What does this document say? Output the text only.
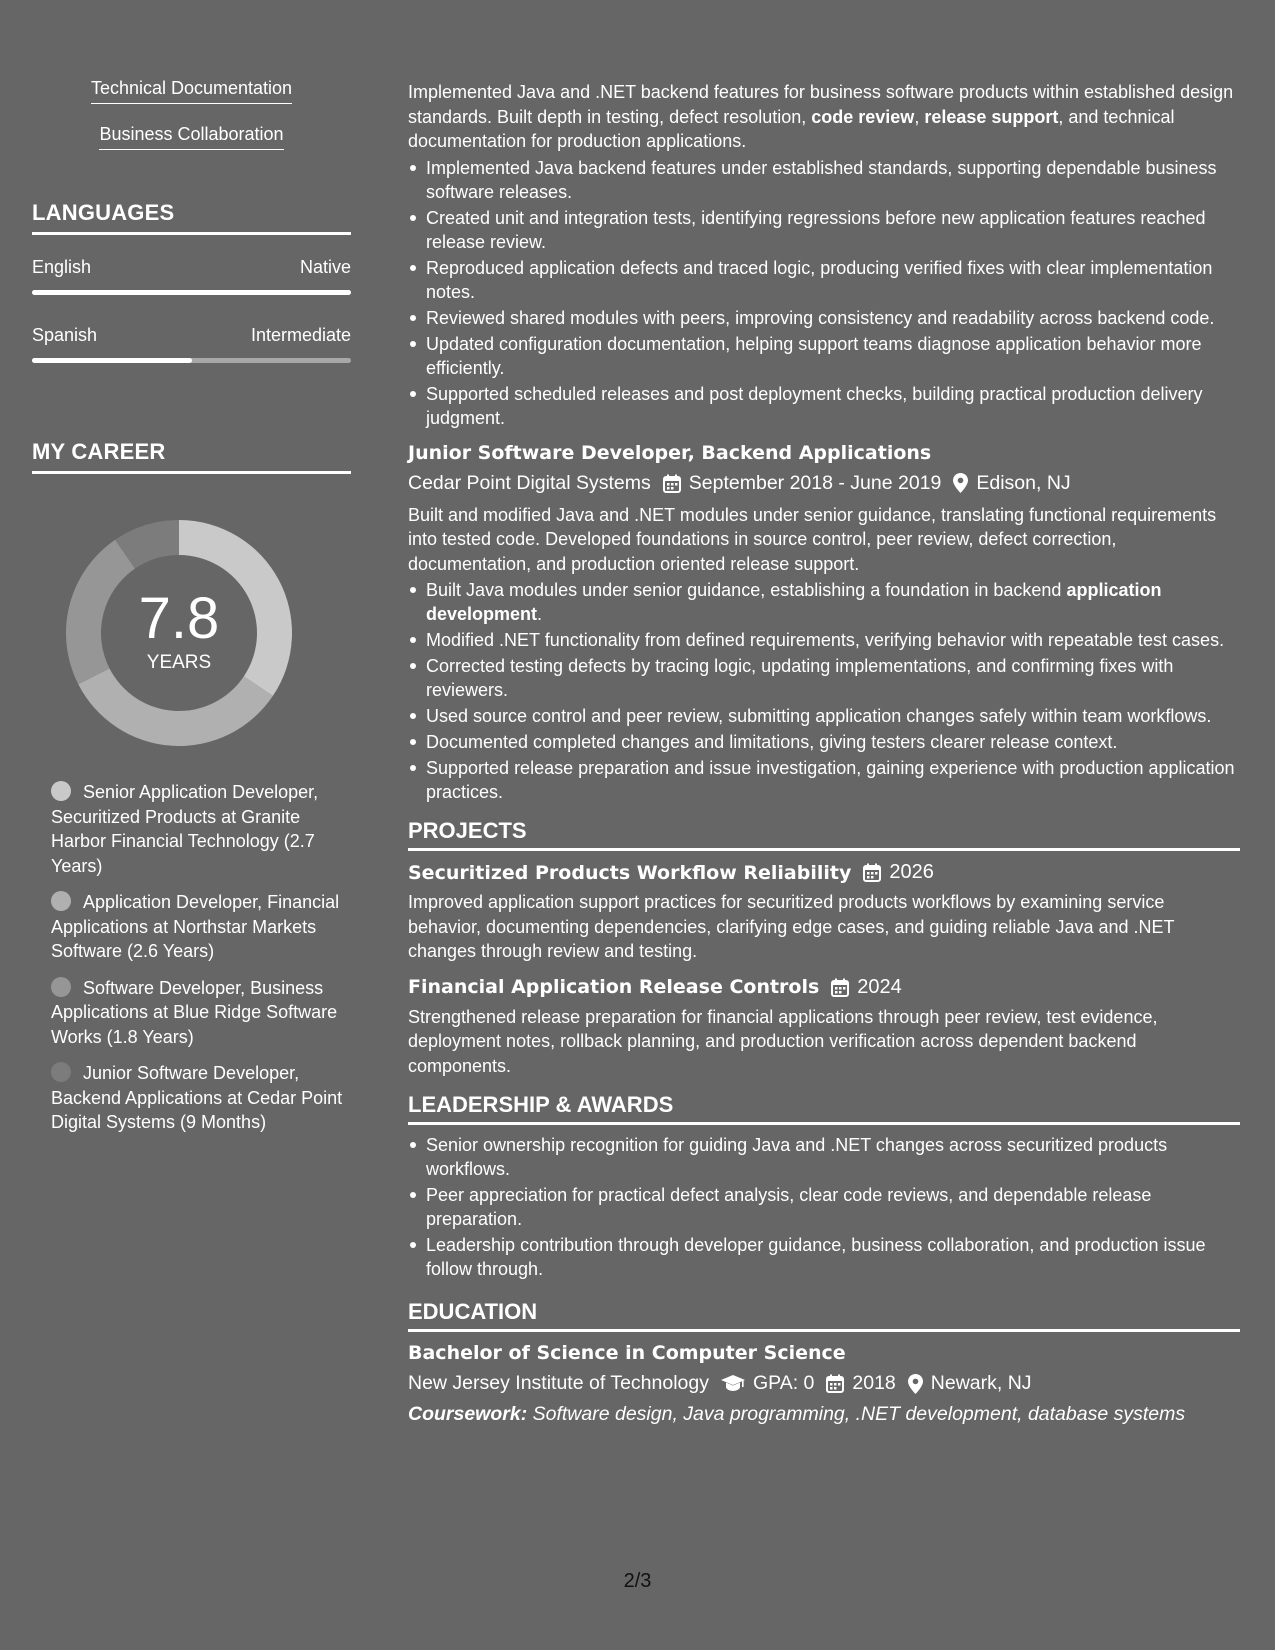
Technical Documentation
Business Collaboration
LANGUAGES
English	Native
Spanish	Intermediate
MY CAREER
7.8
YEARS
Senior Application Developer, Securitized Products at Granite Harbor Financial Technology (2.7 Years)
Application Developer, Financial Applications at Northstar Markets Software (2.6 Years)
Software Developer, Business Applications at Blue Ridge Software Works (1.8 Years)
Junior Software Developer, Backend Applications at Cedar Point Digital Systems (9 Months)

Implemented Java and .NET backend features for business software products within established design standards. Built depth in testing, defect resolution, code review, release support, and technical documentation for production applications.

Implemented Java backend features under established standards, supporting dependable business software releases.
Created unit and integration tests, identifying regressions before new application features reached release review.
Reproduced application defects and traced logic, producing verified fixes with clear implementation notes.
Reviewed shared modules with peers, improving consistency and readability across backend code.
Updated configuration documentation, helping support teams diagnose application behavior more efficiently.
Supported scheduled releases and post deployment checks, building practical production delivery judgment.
Junior Software Developer, Backend Applications
Cedar Point Digital Systems September 2018 - June 2019 Edison, NJ

Built and modified Java and .NET modules under senior guidance, translating functional requirements into tested code. Developed foundations in source control, peer review, defect correction, documentation, and production oriented release support.

Built Java modules under senior guidance, establishing a foundation in backend application development.
Modified .NET functionality from defined requirements, verifying behavior with repeatable test cases.
Corrected testing defects by tracing logic, updating implementations, and confirming fixes with reviewers.
Used source control and peer review, submitting application changes safely within team workflows.
Documented completed changes and limitations, giving testers clearer release context.
Supported release preparation and issue investigation, gaining experience with production application practices.
PROJECTS
Securitized Products Workflow Reliability 2026

Improved application support practices for securitized products workflows by examining service behavior, documenting dependencies, clarifying edge cases, and guiding reliable Java and .NET changes through review and testing.

Financial Application Release Controls 2024

Strengthened release preparation for financial applications through peer review, test evidence, deployment notes, rollback planning, and production verification across dependent backend components.

LEADERSHIP & AWARDS
Senior ownership recognition for guiding Java and .NET changes across securitized products workflows.
Peer appreciation for practical defect analysis, clear code reviews, and dependable release preparation.
Leadership contribution through developer guidance, business collaboration, and production issue follow through.
EDUCATION
Bachelor of Science in Computer Science
New Jersey Institute of Technology GPA: 0 2018 Newark, NJ
Coursework: Software design, Java programming, .NET development, database systems
2/3
